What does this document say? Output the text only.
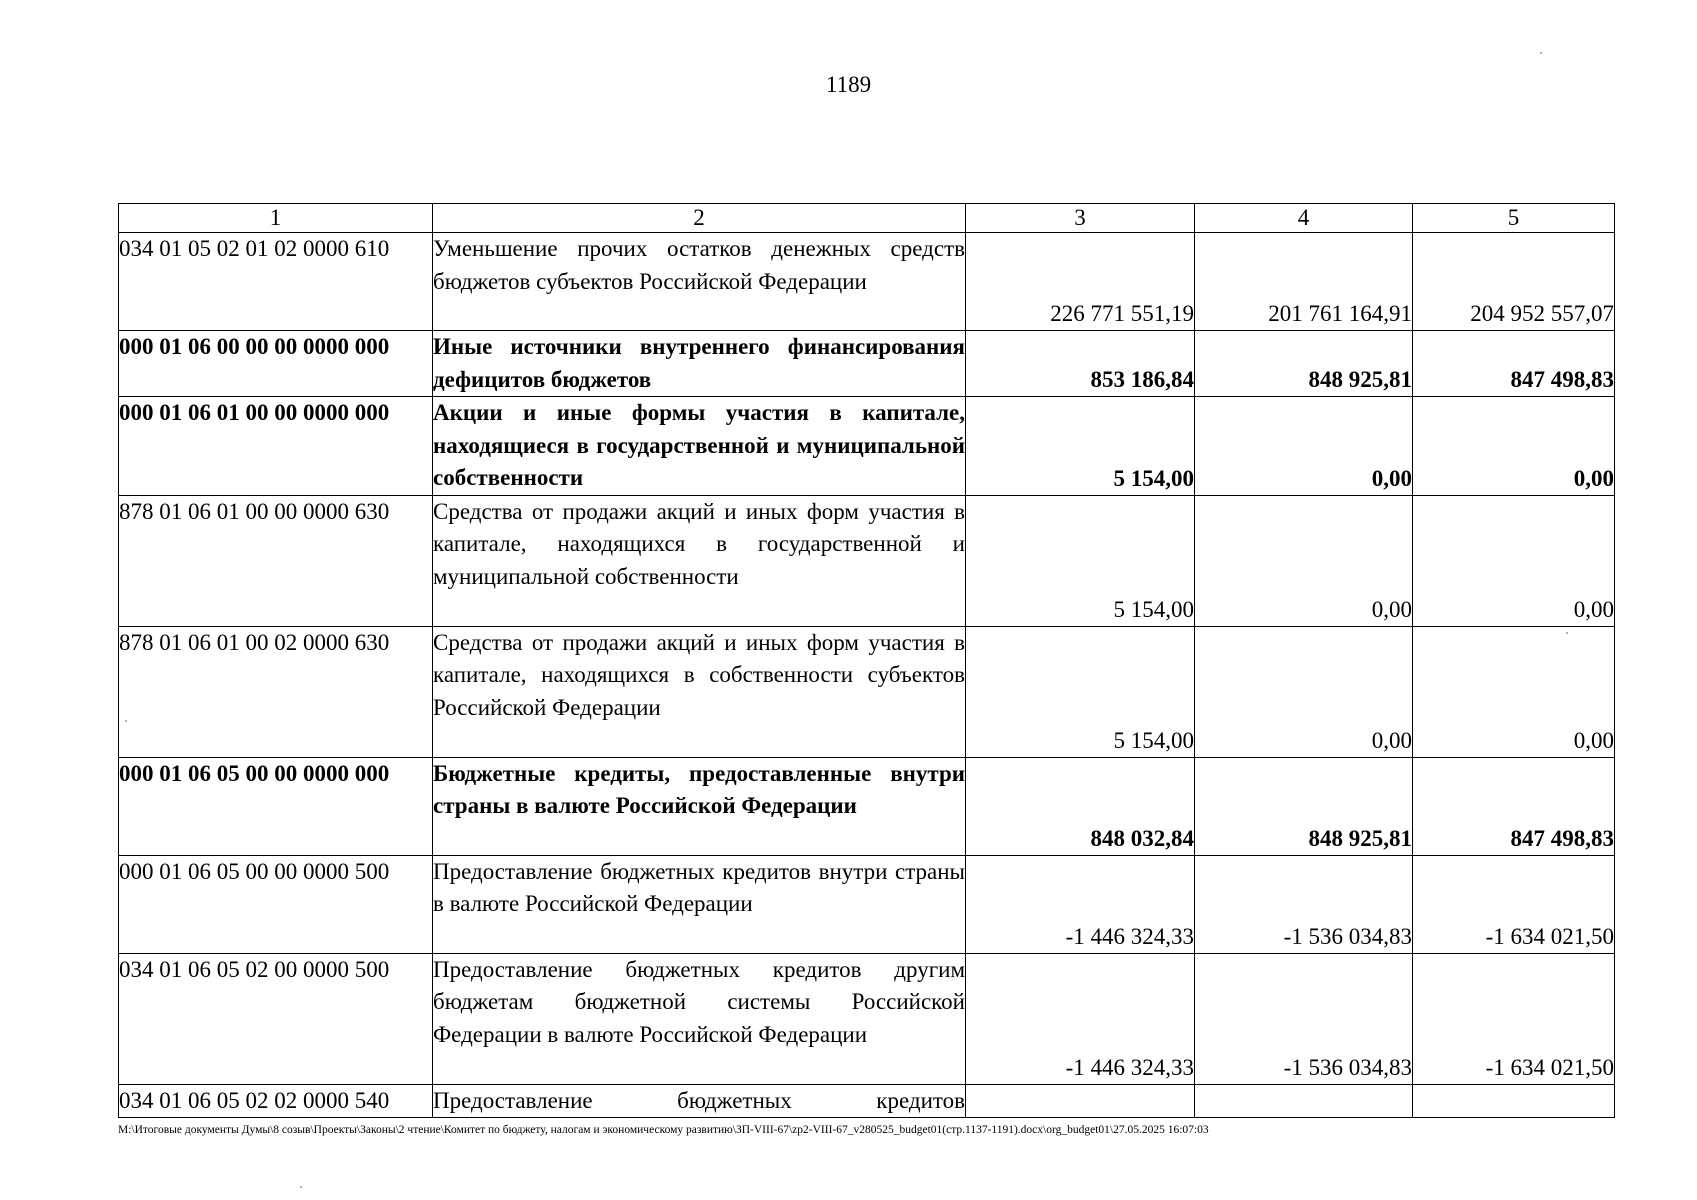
1189
1	2	3	4	5
034 01 05 02 01 02 0000 610	Уменьшение прочих остатков денежных средств бюджетов субъектов Российской Федерации	226 771 551,19	201 761 164,91	204 952 557,07
000 01 06 00 00 00 0000 000	Иные источники внутреннего финансирования дефицитов бюджетов	853 186,84	848 925,81	847 498,83
000 01 06 01 00 00 0000 000	Акции и иные формы участия в капитале, находящиеся в государственной и муниципальной собственности	5 154,00	0,00	0,00
878 01 06 01 00 00 0000 630	Средства от продажи акций и иных форм участия в капитале, находящихся в государственной и муниципальной собственности	5 154,00	0,00	0,00
878 01 06 01 00 02 0000 630	Средства от продажи акций и иных форм участия в капитале, находящихся в собственности субъектов Российской Федерации	5 154,00	0,00	0,00
000 01 06 05 00 00 0000 000	Бюджетные кредиты, предоставленные внутри страны в валюте Российской Федерации	848 032,84	848 925,81	847 498,83
000 01 06 05 00 00 0000 500	Предоставление бюджетных кредитов внутри страны в валюте Российской Федерации	-1 446 324,33	-1 536 034,83	-1 634 021,50
034 01 06 05 02 00 0000 500	Предоставление бюджетных кредитов другим бюджетам бюджетной системы Российской Федерации в валюте Российской Федерации	-1 446 324,33	-1 536 034,83	-1 634 021,50
034 01 06 05 02 02 0000 540	Предоставление бюджетных кредитов			
M:\Итоговые документы Думы\8 созыв\Проекты\Законы\2 чтение\Комитет по бюджету, налогам и экономическому развитию\ЗП-VIII-67\zp2-VIII-67_v280525_budget01(стр.1137-1191).docx\org_budget01\27.05.2025 16:07:03
